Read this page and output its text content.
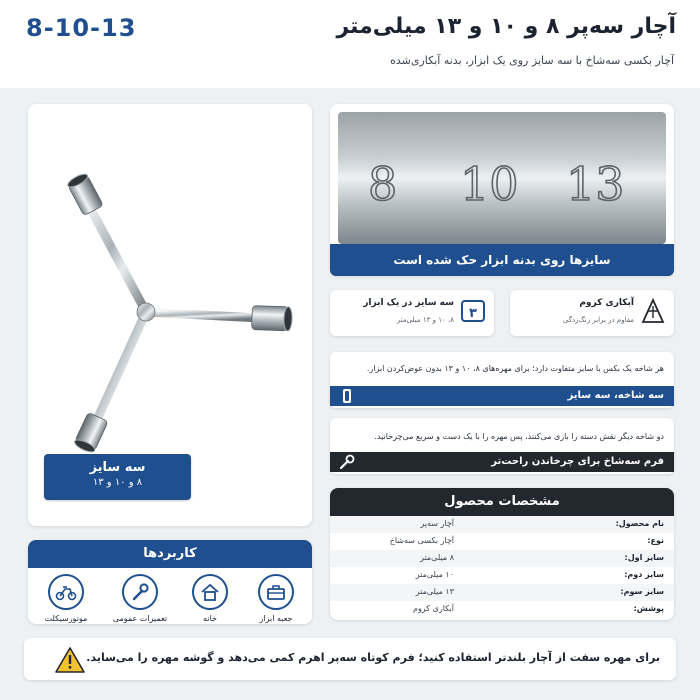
8-10-13	آچار سه‌پر ۸ و ۱۰ و ۱۳ میلی‌متر
آچار بکسی سه‌شاخ با سه سایز روی یک ابزار، بدنه آبکاری‌شده
سه سایز
۸ و ۱۰ و ۱۳
کاربردها
موتورسیکلت	تعمیرات عمومی	خانه	جعبه ابزار
8 10 13
سایزها روی بدنه ابزار حک شده است
۳
سه سایز در یک ابزار
۸، ۱۰ و ۱۳ میلی‌متر
آبکاری کروم
مقاوم در برابر زنگ‌زدگی
هر شاخه یک بکس با سایز متفاوت دارد؛ برای مهره‌های ۸، ۱۰ و ۱۳ بدون عوض‌کردن ابزار.
سه شاخه، سه سایز
دو شاخه دیگر نقش دسته را بازی می‌کنند، پس مهره را با یک دست و سریع می‌چرخانید.
فرم سه‌شاخ برای چرخاندن راحت‌تر
مشخصات محصول
نام محصول:
آچار سه‌پر
نوع:
آچار بکسی سه‌شاخ
سایز اول:
۸ میلی‌متر
سایز دوم:
۱۰ میلی‌متر
سایز سوم:
۱۳ میلی‌متر
پوشش:
آبکاری کروم
برای مهره سفت از آچار بلندتر استفاده کنید؛ فرم کوتاه سه‌پر اهرم کمی می‌دهد و گوشه مهره را می‌ساید.
